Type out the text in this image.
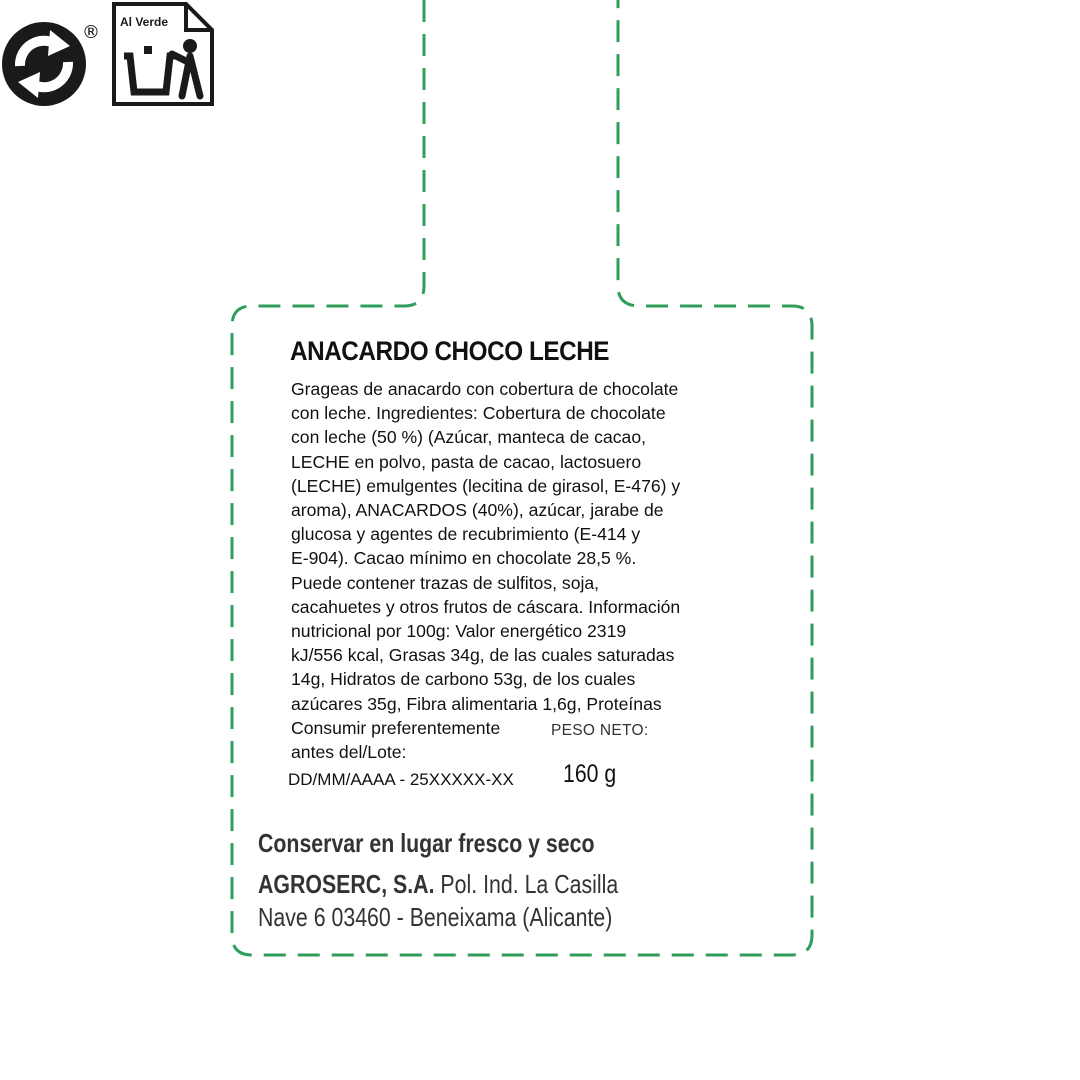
ANACARDO CHOCO LECHE
Grageas de anacardo con cobertura de chocolate
con leche. Ingredientes: Cobertura de chocolate
con leche (50 %) (Azúcar, manteca de cacao,
LECHE en polvo, pasta de cacao, lactosuero
(LECHE) emulgentes (lecitina de girasol, E-476) y
aroma), ANACARDOS (40%), azúcar, jarabe de
glucosa y agentes de recubrimiento (E-414 y
E-904). Cacao mínimo en chocolate 28,5 %.
Puede contener trazas de sulfitos, soja,
cacahuetes y otros frutos de cáscara. Información
nutricional por 100g: Valor energético 2319
kJ/556 kcal, Grasas 34g, de las cuales saturadas
14g, Hidratos de carbono 53g, de los cuales
azúcares 35g, Fibra alimentaria 1,6g, Proteínas
Consumir preferentemente
antes del/Lote:
DD/MM/AAAA - 25XXXXX-XX
PESO NETO:
160 g
Conservar en lugar fresco y seco
AGROSERC, S.A. Pol. Ind. La Casilla
Nave 6 03460 - Beneixama (Alicante)
®
Al Verde
